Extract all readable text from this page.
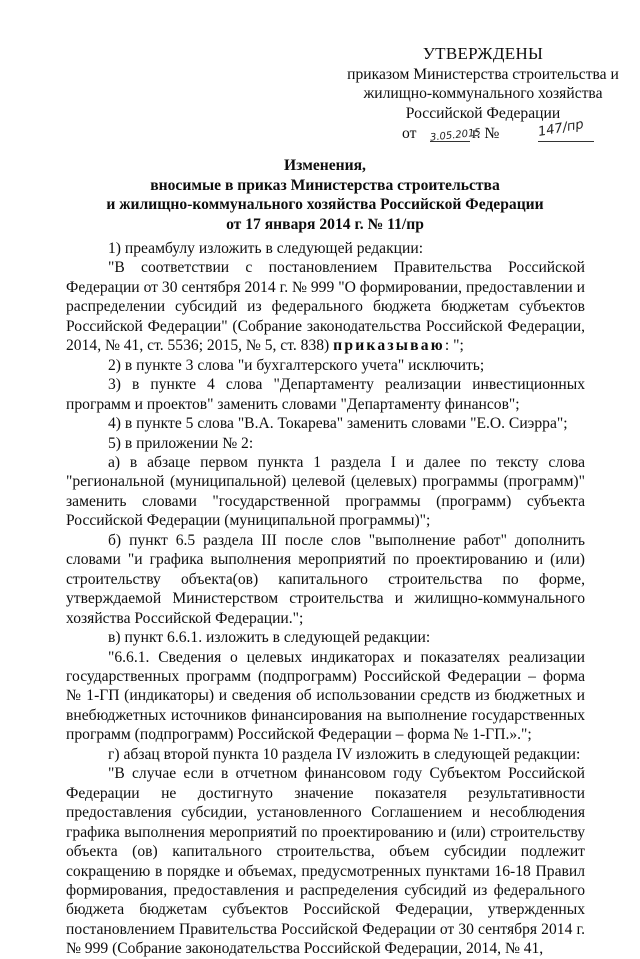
УТВЕРЖДЕНЫ
приказом Министерства строительства и
жилищно-коммунального хозяйства
Российской Федерации
от 3.05.2015
г. №	147/пр
Изменения,
вносимые в приказ Министерства строительства
и жилищно-коммунального хозяйства Российской Федерации
от 17 января 2014 г. № 11/пр

1) преамбулу изложить в следующей редакции:

"В соответствии с постановлением Правительства Российской Федерации от 30 сентября 2014 г. № 999 "О формировании, предоставлении и распределении субсидий из федерального бюджета бюджетам субъектов Российской Федерации" (Собрание законодательства Российской Федерации, 2014, № 41, ст. 5536; 2015, № 5, ст. 838) приказываю: ";

2) в пункте 3 слова "и бухгалтерского учета" исключить;

3) в пункте 4 слова "Департаменту реализации инвестиционных программ и проектов" заменить словами "Департаменту финансов";

4) в пункте 5 слова "В.А. Токарева" заменить словами "Е.О. Сиэрра";

5) в приложении № 2:

а) в абзаце первом пункта 1 раздела I и далее по тексту слова "региональной (муниципальной) целевой (целевых) программы (программ)" заменить словами "государственной программы (программ) субъекта Российской Федерации (муниципальной программы)";

б) пункт 6.5 раздела III после слов "выполнение работ" дополнить словами "и графика выполнения мероприятий по проектированию и (или) строительству объекта(ов) капитального строительства по форме, утверждаемой Министерством строительства и жилищно-коммунального хозяйства Российской Федерации.";

в) пункт 6.6.1. изложить в следующей редакции:

"6.6.1. Сведения о целевых индикаторах и показателях реализации государственных программ (подпрограмм) Российской Федерации – форма № 1-ГП (индикаторы) и сведения об использовании средств из бюджетных и внебюджетных источников финансирования на выполнение государственных программ (подпрограмм) Российской Федерации – форма № 1-ГП.».";

г) абзац второй пункта 10 раздела IV изложить в следующей редакции:

"В случае если в отчетном финансовом году Субъектом Российской Федерации не достигнуто значение показателя результативности предоставления субсидии, установленного Соглашением и несоблюдения графика выполнения мероприятий по проектированию и (или) строительству объекта (ов) капитального строительства, объем субсидии подлежит сокращению в порядке и объемах, предусмотренных пунктами 16-18 Правил формирования, предоставления и распределения субсидий из федерального бюджета бюджетам субъектов Российской Федерации, утвержденных постановлением Правительства Российской Федерации от 30 сентября 2014 г. № 999 (Собрание законодательства Российской Федерации, 2014, № 41,
